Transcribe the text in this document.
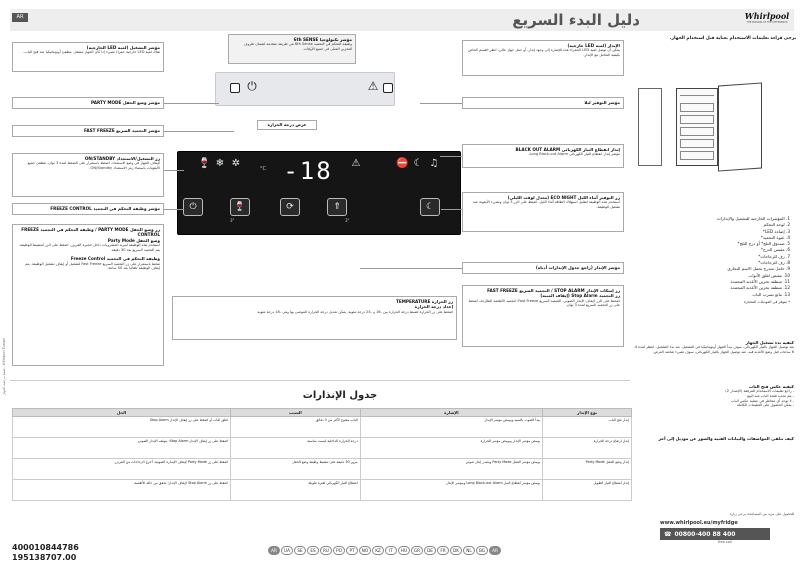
AR	دليل البدء السريع	Whirlpool
THE MISSION OF THE DIFFERENCE
طبعة مرجعية للجهاز - Whirlpool Europe
مؤشر التشغيل (لمبة LED الخارجية)
هناك لمبة LED خارجية حمراء تضيء إذا كان الجهاز مشغل. تنطفئ أوتوماتيكيا عند فتح الباب.
مؤشر تكنولوجيا 6th SENSE
وظيفة التحكم في التجميد 6th Sense هي طريقة متقدمة لضمان ظروف التخزين المثلى في جميع الأوقات.
الإنذار (لمبة LED خارجية)
يمكن أن توصل لمبة LED الحمراء هذه للإشارة إلى وجود إنذار. أو حمل جهاز عالي، انظر القسم الخاص بكيفية التعامل مع الإنذار.
مؤشر وضع الحفل PARTY MODE	مؤشر التوفير ليلا
مؤشر التجميد السريع FAST FREEZE
عرض درجة الحرارة
زر التشغيل/الاستعداد ON/STANDBY
لإيقاف الجهاز في وضع الاستعداد، اضغط باستمرار على الضغط لمدة 3 ثوان. تنطفئ جميع الأيقونات باستثناء رمز الاستعداد ON/Standby.
إنذار انقطاع التيار الكهربائي BLACK OUT ALARM
مؤشر إنذار انقطاع التيار الكهربائي Long Black-out Alarm.
مؤشر وظيفة التحكم في التجميد FREEZE CONTROL
زر التوفير أثناء الليل ECO NIGHT (معدل لوقت الليلي)
استخدم هذه الوظيفة لتقليل استهلاك الطاقة أثناء الليل، اضغط على الزر 3 ثوان وتضيء الأيقونة عند تشغيل الوظيفة.
زر وضع الحفل PARTY MODE / وظيفة التحكم في التجميد FREEZE CONTROL
وضع الحفل Party Mode
استخدم هذه الوظيفة لتبريد المشروبات داخل حجيرة الفريزر. اضغط على الزر لتنشيط الوظيفة. يتم التجميد السريع بعد 30 دقيقة.
وظيفة التحكم في التجميد Freeze Control
ضغط باستمرار على زر التجميد السريع Fast Freeze لتشغيل أو إيقاف تشغيل الوظيفة. يتم إيقاف الوظيفة تلقائيا بعد 50 ساعة.	مؤشر الإنذار (راجع جدول الإنذارات أدناه)
زر إسكات الإنذار STOP ALARM / التجميد السريع FAST FREEZE
زر التجميد Stop Alarm (إيقاف المنبه)
اضغط على الزر لإيقاف الإنذار الصوتي. التجميد السريع Fast Freeze: لتجميد الأطعمة الطازجة، اضغط على زر التجميد السريع لمدة 3 ثوان.
زر الحرارة TEMPERATURE
إعداد درجة الحرارة
اضغط على زر الحرارة لضبط درجة الحرارة بين -16 و -24 درجة مئوية. يمكن تعديل درجة الحرارة الموصى بها وهي -18 درجة مئوية.
⏻	⚠
🍷 ❄ ✲	°C -18	⚠	⛔ ☾ ♫
⏻	🍷
3"
⟳	⇑
3"
☾
يرجى قراءة تعليمات الاستخدام بعناية قبل استخدام الجهاز.
1. المؤشرات الخارجية للتشغيل والإنذارات
2. لوحة التحكم
3. إضاءة LED*
4. عبوة التجميد*
5. صندوق الثلج* أو درج الثلج*
6. مقبس الدرج*
7. رف للزجاجات*
8. رف للزجاجات*
9. حامل متدرج يحمل الاسم التجاري
10. مقبض لغلق الأبواب
11. منطقة تخزين الأغذية المجمدة
12. منطقة تخزين الأغذية المجمدة
13. مانع تسرب الباب
* متوفر في الموديلات المختارة
كيفية بدء تشغيل الجهاز
بعد توصيل الجهاز بالتيار الكهربائي، سوف يبدأ الجهاز أوتوماتيكيا في التشغيل. بعد بدء التشغيل، انتظر لمدة 4-6 ساعات قبل وضع الأغذية فيه. عند توصيل الجهاز بالتيار الكهربائي، سوف تضيء شاشة العرض.
كيفية عكس فتح الباب
- راجع تعليمات الاستخدام المرفقة (الإصدار 2)
- يتم تحديد فتحة الباب عند البيع
- لا توجد أي مخاطر في عملية عكس الباب
- يمكن الحصول على التعليمات الكاملة
كيف تتلقى المواصفات والبيانات الفنية والصور عن موديل إلى آخر
جدول الإنذارات
الحل	السبب	الإشارة	نوع الإنذار
اغلق الباب أو اضغط على زر إيقاف الإنذار Stop Alarm	الباب مفتوح لأكثر من 3 دقائق	يبدأ الصوت بالتنبيه ويومض مؤشر الإنذار	إنذار فتح الباب
اضغط على زر إيقاف الإنذار Stop Alarm؛ يتوقف الإنذار الصوتي	درجة الحرارة الداخلية ليست مناسبة	يومض مؤشر الإنذار ويومض مؤشر الحرارة	إنذار ارتفاع درجة الحرارة
اضغط على زر Party Mode لإيقاف الإشارة الصوتية، أخرج الزجاجات من الفريزر	مرور 30 دقيقة على تنشيط وظيفة وضع الحفل	يومض مؤشر الحفل Party Mode ويصدر إنذار صوتي	إنذار وضع الحفل Party Mode
اضغط على زر Stop Alarm لإيقاف الإنذار؛ تحقق من حالة الأطعمة	انقطاع التيار الكهربائي لفترة طويلة	يومض مؤشر انقطاع التيار Long Black-out Alarm ومؤشر الإنذار	إنذار انقطاع التيار الطويل
للحصول على مزيد من المساعدة، يرجى زيارة
www.whirlpool.eu/myfridge
☎ 00800-400 88 400
free-call
400010844786
195138707.00
AR	UA	SE	ES	RU	PO	PT	NO	KZ	IT	HU	GR	DE	FR	DK	NL	BG	AR
